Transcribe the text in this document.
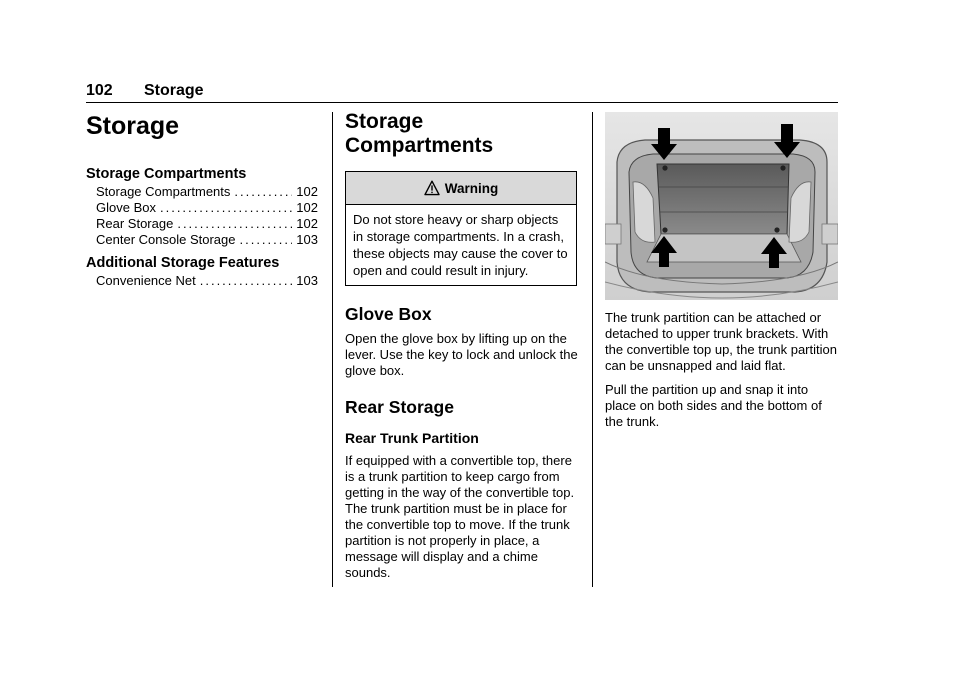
102 Storage
Storage
Storage Compartments
Storage Compartments .....	102
Glove Box .....	102
Rear Storage .....	102
Center Console Storage .....	103
Additional Storage Features
Convenience Net .....	103
Storage
Compartments
Warning
Do not store heavy or sharp objects in storage compartments. In a crash, these objects may cause the cover to open and could result in injury.
Glove Box

Open the glove box by lifting up on the lever. Use the key to lock and unlock the glove box.

Rear Storage
Rear Trunk Partition

If equipped with a convertible top, there is a trunk partition to keep cargo from getting in the way of the convertible top. The trunk partition must be in place for the convertible top to move. If the trunk partition is not properly in place, a message will display and a chime sounds.

The trunk partition can be attached or detached to upper trunk brackets. With the convertible top up, the trunk partition can be unsnapped and laid flat.

Pull the partition up and snap it into place on both sides and the bottom of the trunk.
